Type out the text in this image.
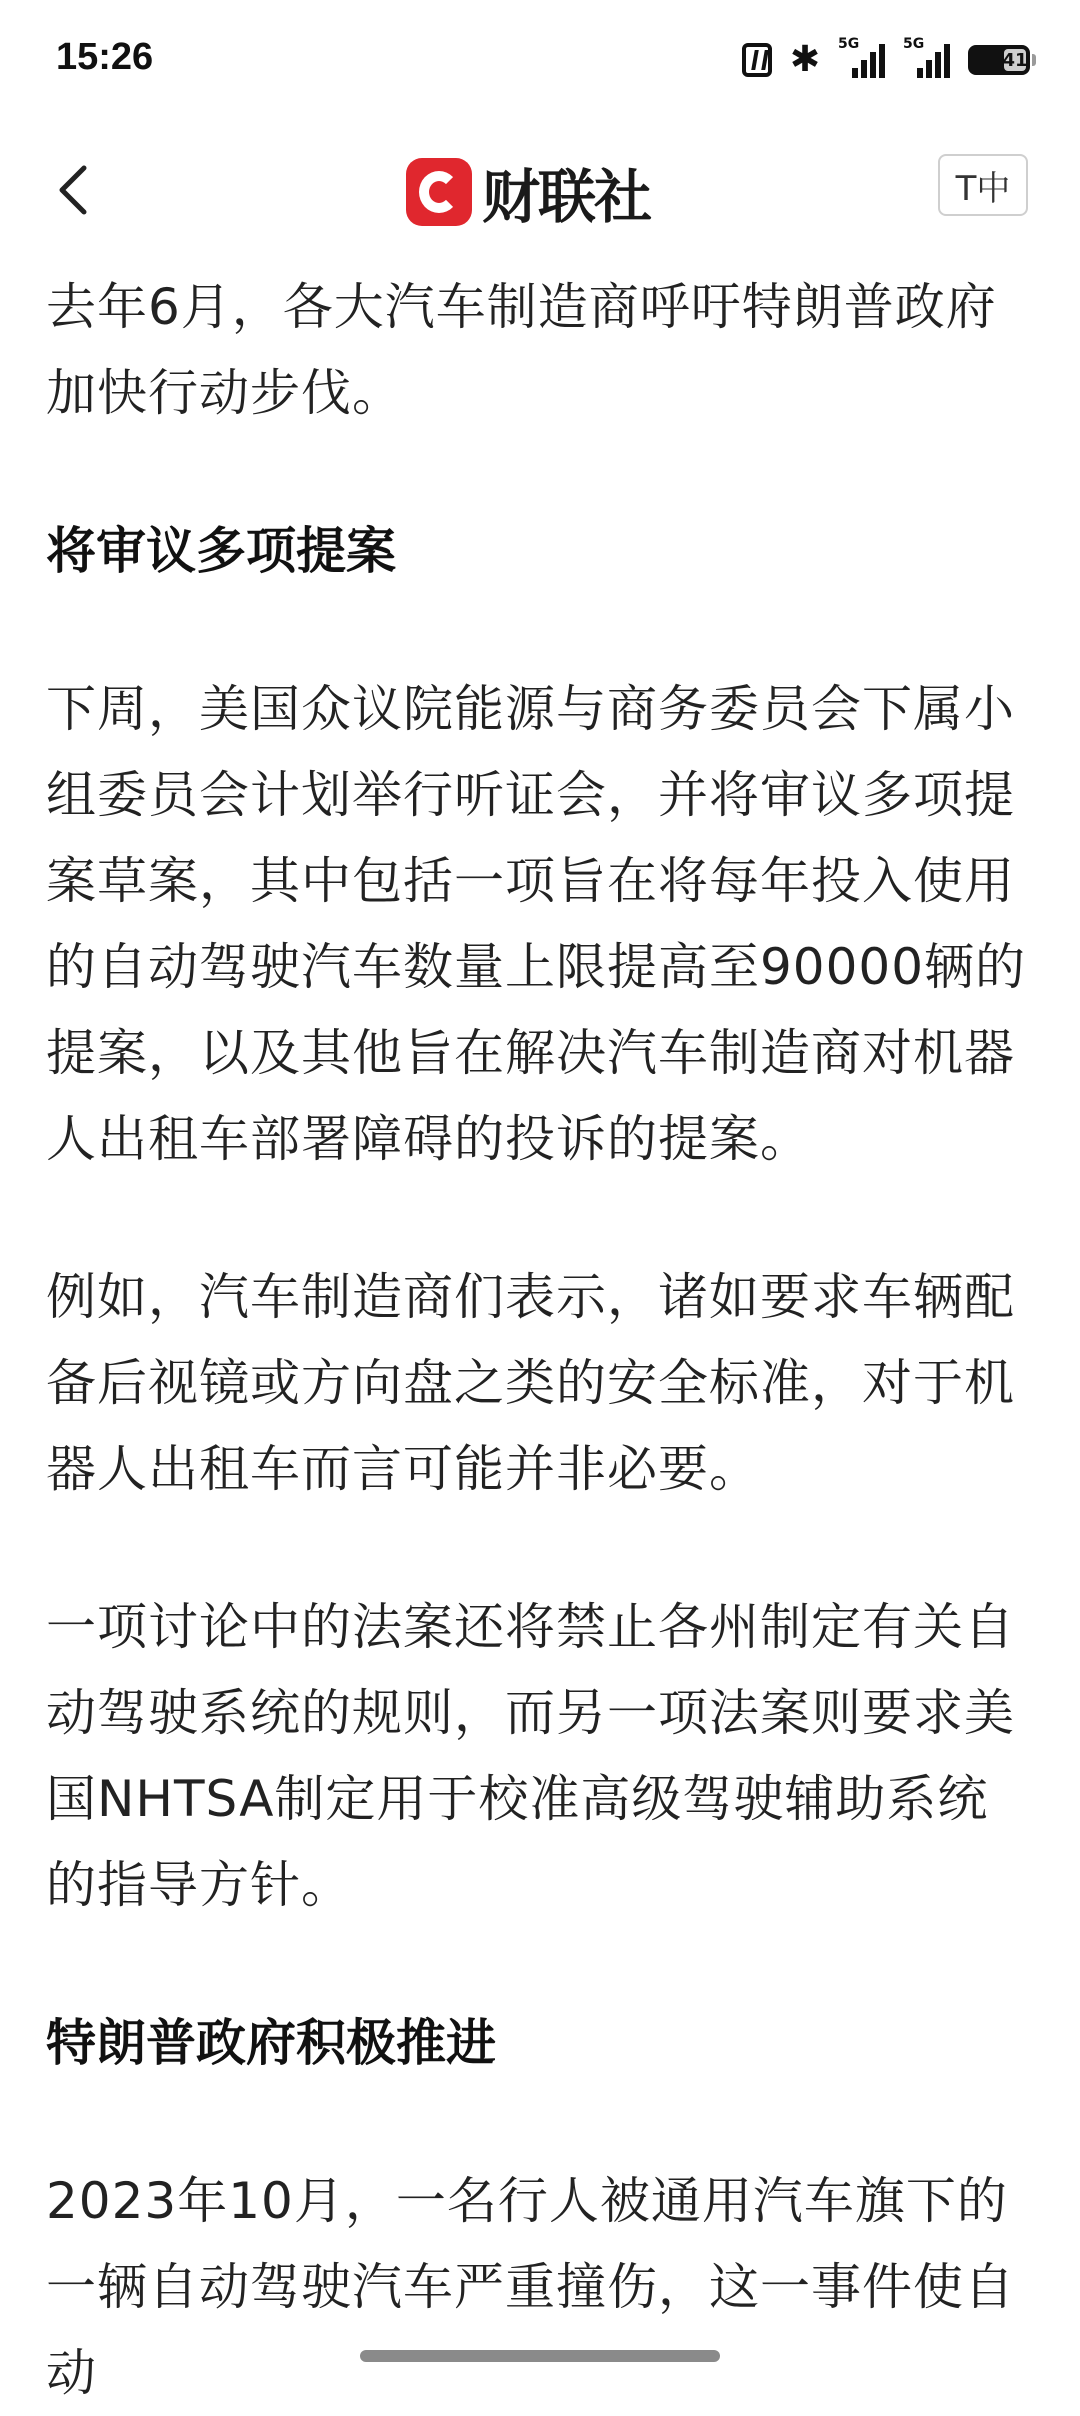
15:26	✱ 5G	5G
41
财联社	T中

去年6月，各大汽车制造商呼吁特朗普政府加快行动步伐。

将审议多项提案

下周，美国众议院能源与商务委员会下属小组委员会计划举行听证会，并将审议多项提案草案，其中包括一项旨在将每年投入使用的自动驾驶汽车数量上限提高至90000辆的提案，以及其他旨在解决汽车制造商对机器人出租车部署障碍的投诉的提案。

例如，汽车制造商们表示，诸如要求车辆配备后视镜或方向盘之类的安全标准，对于机器人出租车而言可能并非必要。

一项讨论中的法案还将禁止各州制定有关自动驾驶系统的规则，而另一项法案则要求美国NHTSA制定用于校准高级驾驶辅助系统的指导方针。

特朗普政府积极推进

2023年10月，一名行人被通用汽车旗下的一辆自动驾驶汽车严重撞伤，这一事件使自动
